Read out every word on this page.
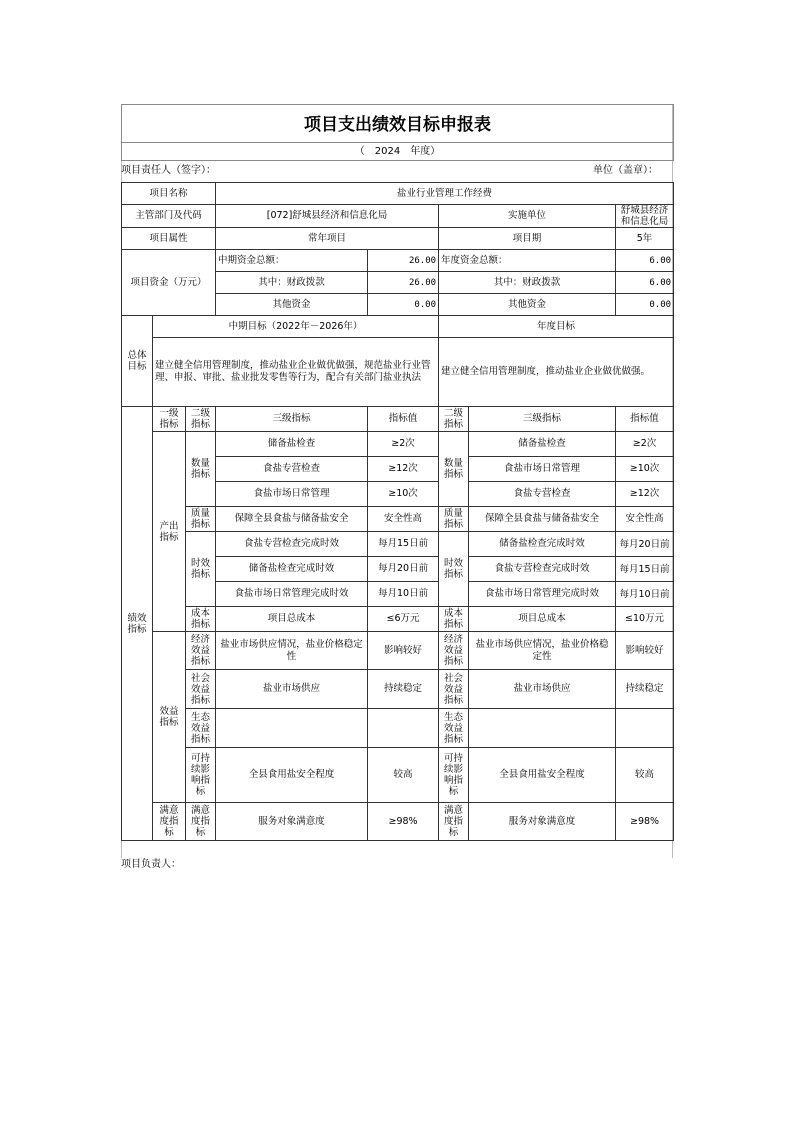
项目支出绩效目标申报表
（　2024　年度）
项目责任人（签字）：	单位（盖章）：
项目名称			盐业行业管理工作经费				
主管部门及代码			[072]舒城县经济和信息化局		实施单位		舒城县经济和信息化局
项目属性			常年项目		项目期		5年
项目资金（万元）			中期资金总额：	26.00	年度资金总额：		6.00
			其中：财政拨款	26.00	其中：财政拨款		6.00
			其他资金	0.00	其他资金		0.00
总体目标	中期目标（2022年－2026年）				年度目标		
	建立健全信用管理制度，推动盐业企业做优做强，规范盐业行业管理、申报、审批、盐业批发零售等行为，配合有关部门盐业执法				建立健全信用管理制度，推动盐业企业做优做强。		
绩效指标	一级指标	二级指标	三级指标	指标值	二级指标	三级指标	指标值
	产出指标	数量指标	储备盐检查	≥2次	数量指标	储备盐检查	≥2次
			食盐专营检查	≥12次		食盐市场日常管理	≥10次
			食盐市场日常管理	≥10次		食盐专营检查	≥12次
		质量指标	保障全县食盐与储备盐安全	安全性高	质量指标	保障全县食盐与储备盐安全	安全性高
		时效指标	食盐专营检查完成时效	每月15日前	时效指标	储备盐检查完成时效	每月20日前
			储备盐检查完成时效	每月20日前		食盐专营检查完成时效	每月15日前
			食盐市场日常管理完成时效	每月10日前		食盐市场日常管理完成时效	每月10日前
		成本指标	项目总成本	≤6万元	成本指标	项目总成本	≤10万元
	效益指标	经济效益指标	盐业市场供应情况，盐业价格稳定性	影响较好	经济效益指标	盐业市场供应情况，盐业价格稳定性	影响较好
		社会效益指标	盐业市场供应	持续稳定	社会效益指标	盐业市场供应	持续稳定
		生态效益指标			生态效益指标		
		可持续影响指标	全县食用盐安全程度	较高	可持续影响指标	全县食用盐安全程度	较高
	满意度指标	满意度指标	服务对象满意度	≥98%	满意度指标	服务对象满意度	≥98%
项目负责人：
